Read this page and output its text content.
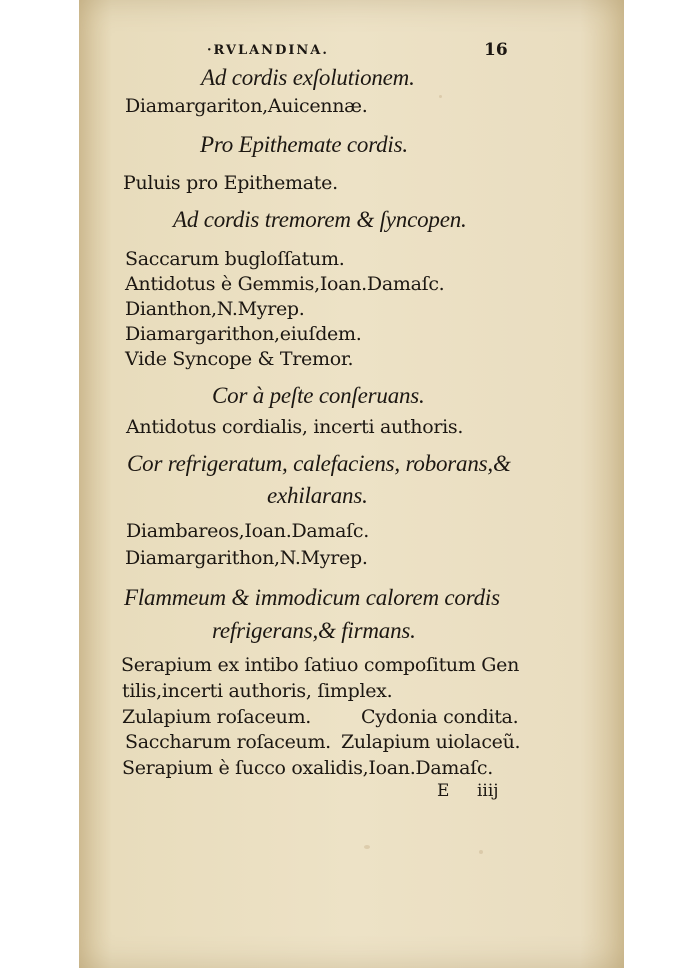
·RVLANDINA.	16
Ad cordis exſolutionem.
Diamargariton,Auicennæ.
Pro Epithemate cordis.
Puluis pro Epithemate.
Ad cordis tremorem & ſyncopen.
Saccarum bugloſſatum.
Antidotus è Gemmis,Ioan.Damaſc.
Dianthon,N.Myrep.
Diamargarithon,eiuſdem.
Vide Syncope & Tremor.
Cor à peſte conſeruans.
Antidotus cordialis, incerti authoris.
Cor refrigeratum, calefaciens, roborans,&
exhilarans.
Diambareos,Ioan.Damaſc.
Diamargarithon,N.Myrep.
Flammeum & immodicum calorem cordis
refrigerans,& firmans.
Serapium ex intibo ſatiuo compoſitum Gen
tilis,incerti authoris, ſimplex.
Zulapium roſaceum.	Cydonia condita.
Saccharum roſaceum. Zulapium uiolaceũ.
Serapium è ſucco oxalidis,Ioan.Damaſc.
E iiij
